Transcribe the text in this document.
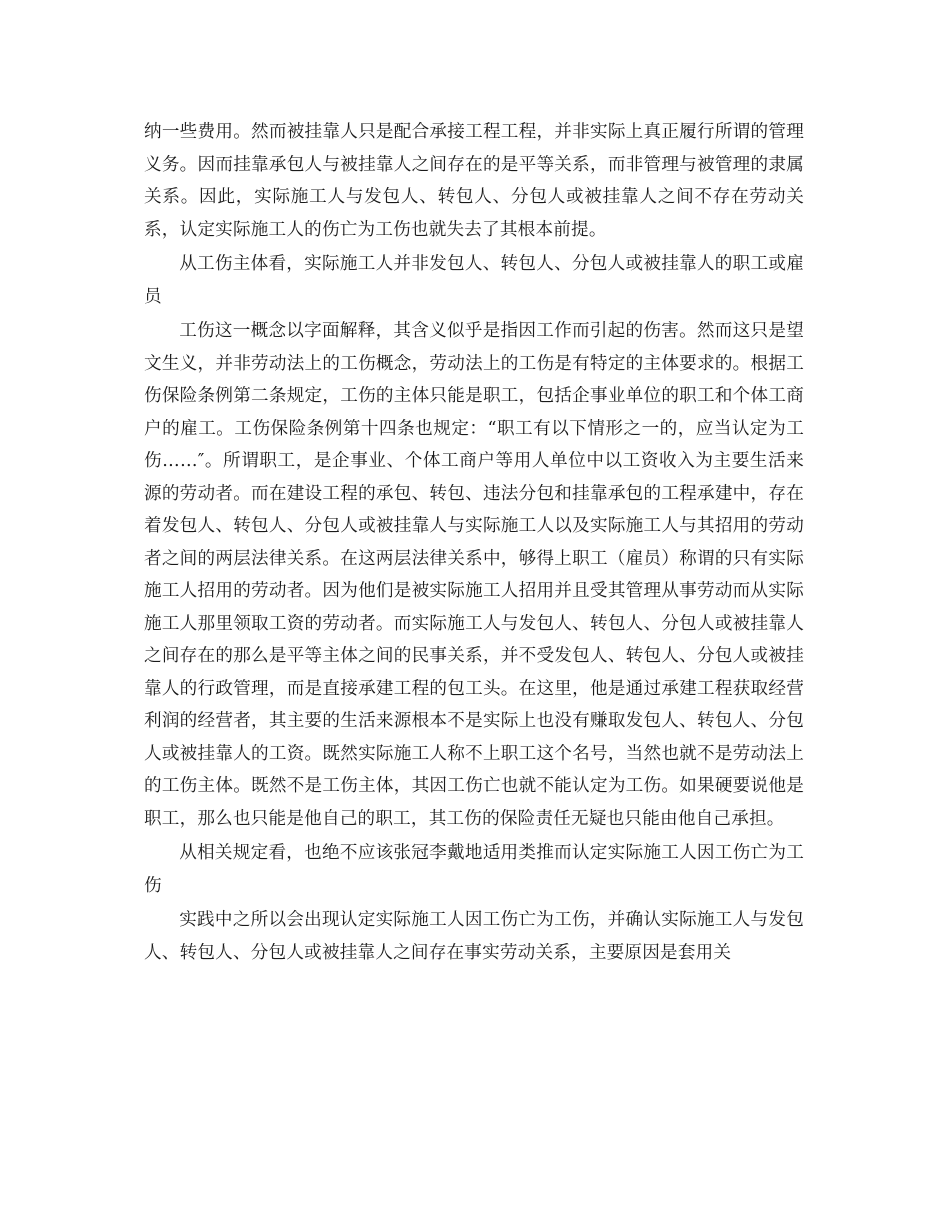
纳一些费用。然而被挂靠人只是配合承接工程工程，并非实际上真正履行所谓的管理义务。因而挂靠承包人与被挂靠人之间存在的是平等关系，而非管理与被管理的隶属关系。因此，实际施工人与发包人、转包人、分包人或被挂靠人之间不存在劳动关系，认定实际施工人的伤亡为工伤也就失去了其根本前提。

从工伤主体看，实际施工人并非发包人、转包人、分包人或被挂靠人的职工或雇员

工伤这一概念以字面解释，其含义似乎是指因工作而引起的伤害。然而这只是望文生义，并非劳动法上的工伤概念，劳动法上的工伤是有特定的主体要求的。根据工伤保险条例第二条规定，工伤的主体只能是职工，包括企事业单位的职工和个体工商户的雇工。工伤保险条例第十四条也规定：“职工有以下情形之一的，应当认定为工伤……″。所谓职工，是企事业、个体工商户等用人单位中以工资收入为主要生活来源的劳动者。而在建设工程的承包、转包、违法分包和挂靠承包的工程承建中，存在着发包人、转包人、分包人或被挂靠人与实际施工人以及实际施工人与其招用的劳动者之间的两层法律关系。在这两层法律关系中，够得上职工（雇员）称谓的只有实际施工人招用的劳动者。因为他们是被实际施工人招用并且受其管理从事劳动而从实际施工人那里领取工资的劳动者。而实际施工人与发包人、转包人、分包人或被挂靠人之间存在的那么是平等主体之间的民事关系，并不受发包人、转包人、分包人或被挂靠人的行政管理，而是直接承建工程的包工头。在这里，他是通过承建工程获取经营利润的经营者，其主要的生活来源根本不是实际上也没有赚取发包人、转包人、分包人或被挂靠人的工资。既然实际施工人称不上职工这个名号，当然也就不是劳动法上的工伤主体。既然不是工伤主体，其因工伤亡也就不能认定为工伤。如果硬要说他是职工，那么也只能是他自己的职工，其工伤的保险责任无疑也只能由他自己承担。

从相关规定看，也绝不应该张冠李戴地适用类推而认定实际施工人因工伤亡为工伤

实践中之所以会出现认定实际施工人因工伤亡为工伤，并确认实际施工人与发包人、转包人、分包人或被挂靠人之间存在事实劳动关系，主要原因是套用关
